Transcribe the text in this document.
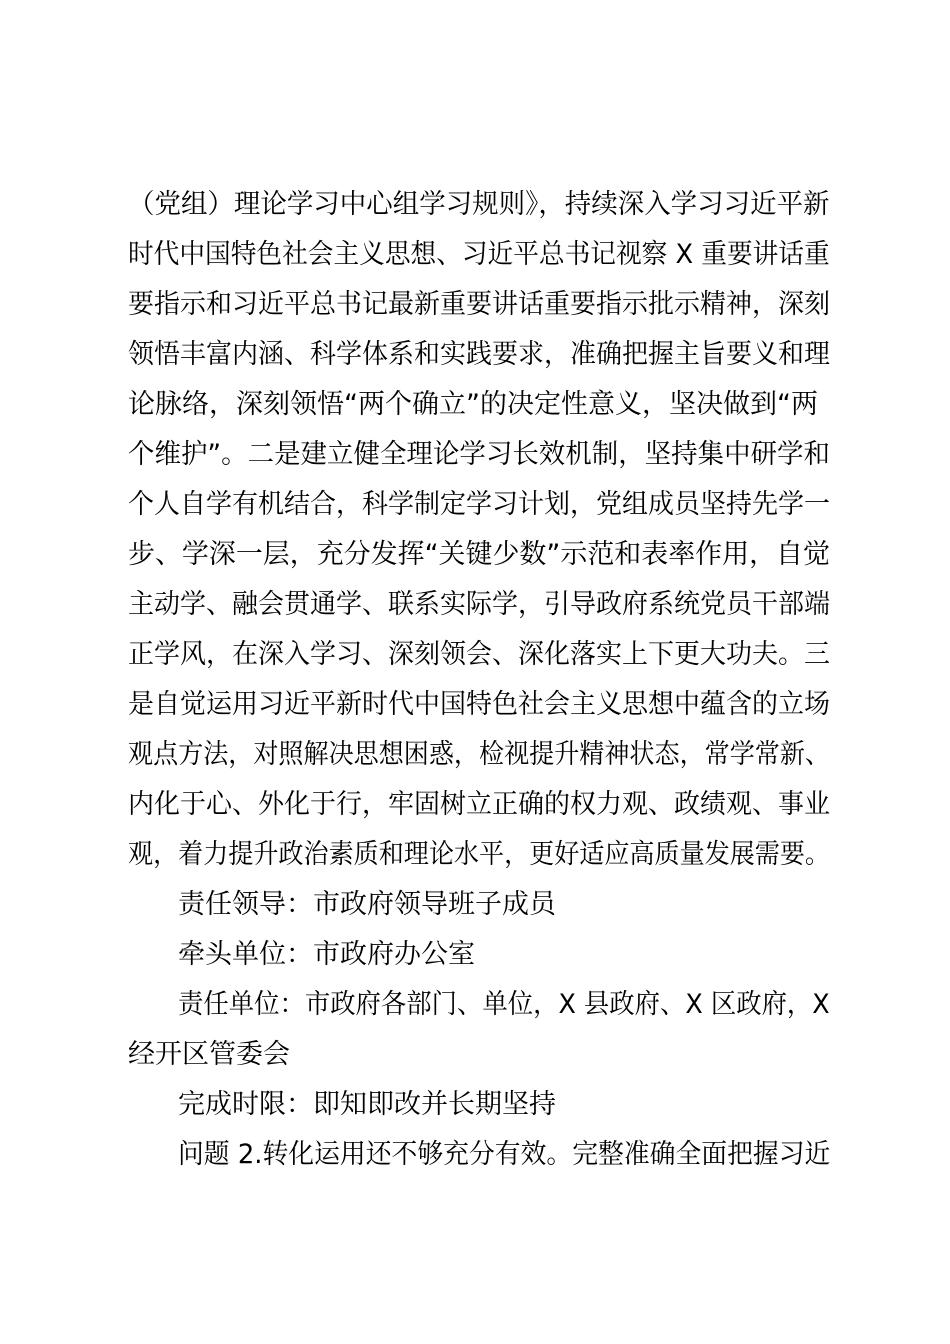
（党组）理论学习中心组学习规则》，持续深入学习习近平新
时代中国特色社会主义思想、习近平总书记视察 X 重要讲话重
要指示和习近平总书记最新重要讲话重要指示批示精神，深刻
领悟丰富内涵、科学体系和实践要求，准确把握主旨要义和理
论脉络，深刻领悟“两个确立”的决定性意义，坚决做到“两
个维护”。二是建立健全理论学习长效机制，坚持集中研学和
个人自学有机结合，科学制定学习计划，党组成员坚持先学一
步、学深一层，充分发挥“关键少数”示范和表率作用，自觉
主动学、融会贯通学、联系实际学，引导政府系统党员干部端
正学风，在深入学习、深刻领会、深化落实上下更大功夫。三
是自觉运用习近平新时代中国特色社会主义思想中蕴含的立场
观点方法，对照解决思想困惑，检视提升精神状态，常学常新、
内化于心、外化于行，牢固树立正确的权力观、政绩观、事业
观，着力提升政治素质和理论水平，更好适应高质量发展需要。
责任领导：市政府领导班子成员
牵头单位：市政府办公室
责任单位：市政府各部门、单位，X 县政府、X 区政府，X
经开区管委会
完成时限：即知即改并长期坚持
问题 2.转化运用还不够充分有效。完整准确全面把握习近
